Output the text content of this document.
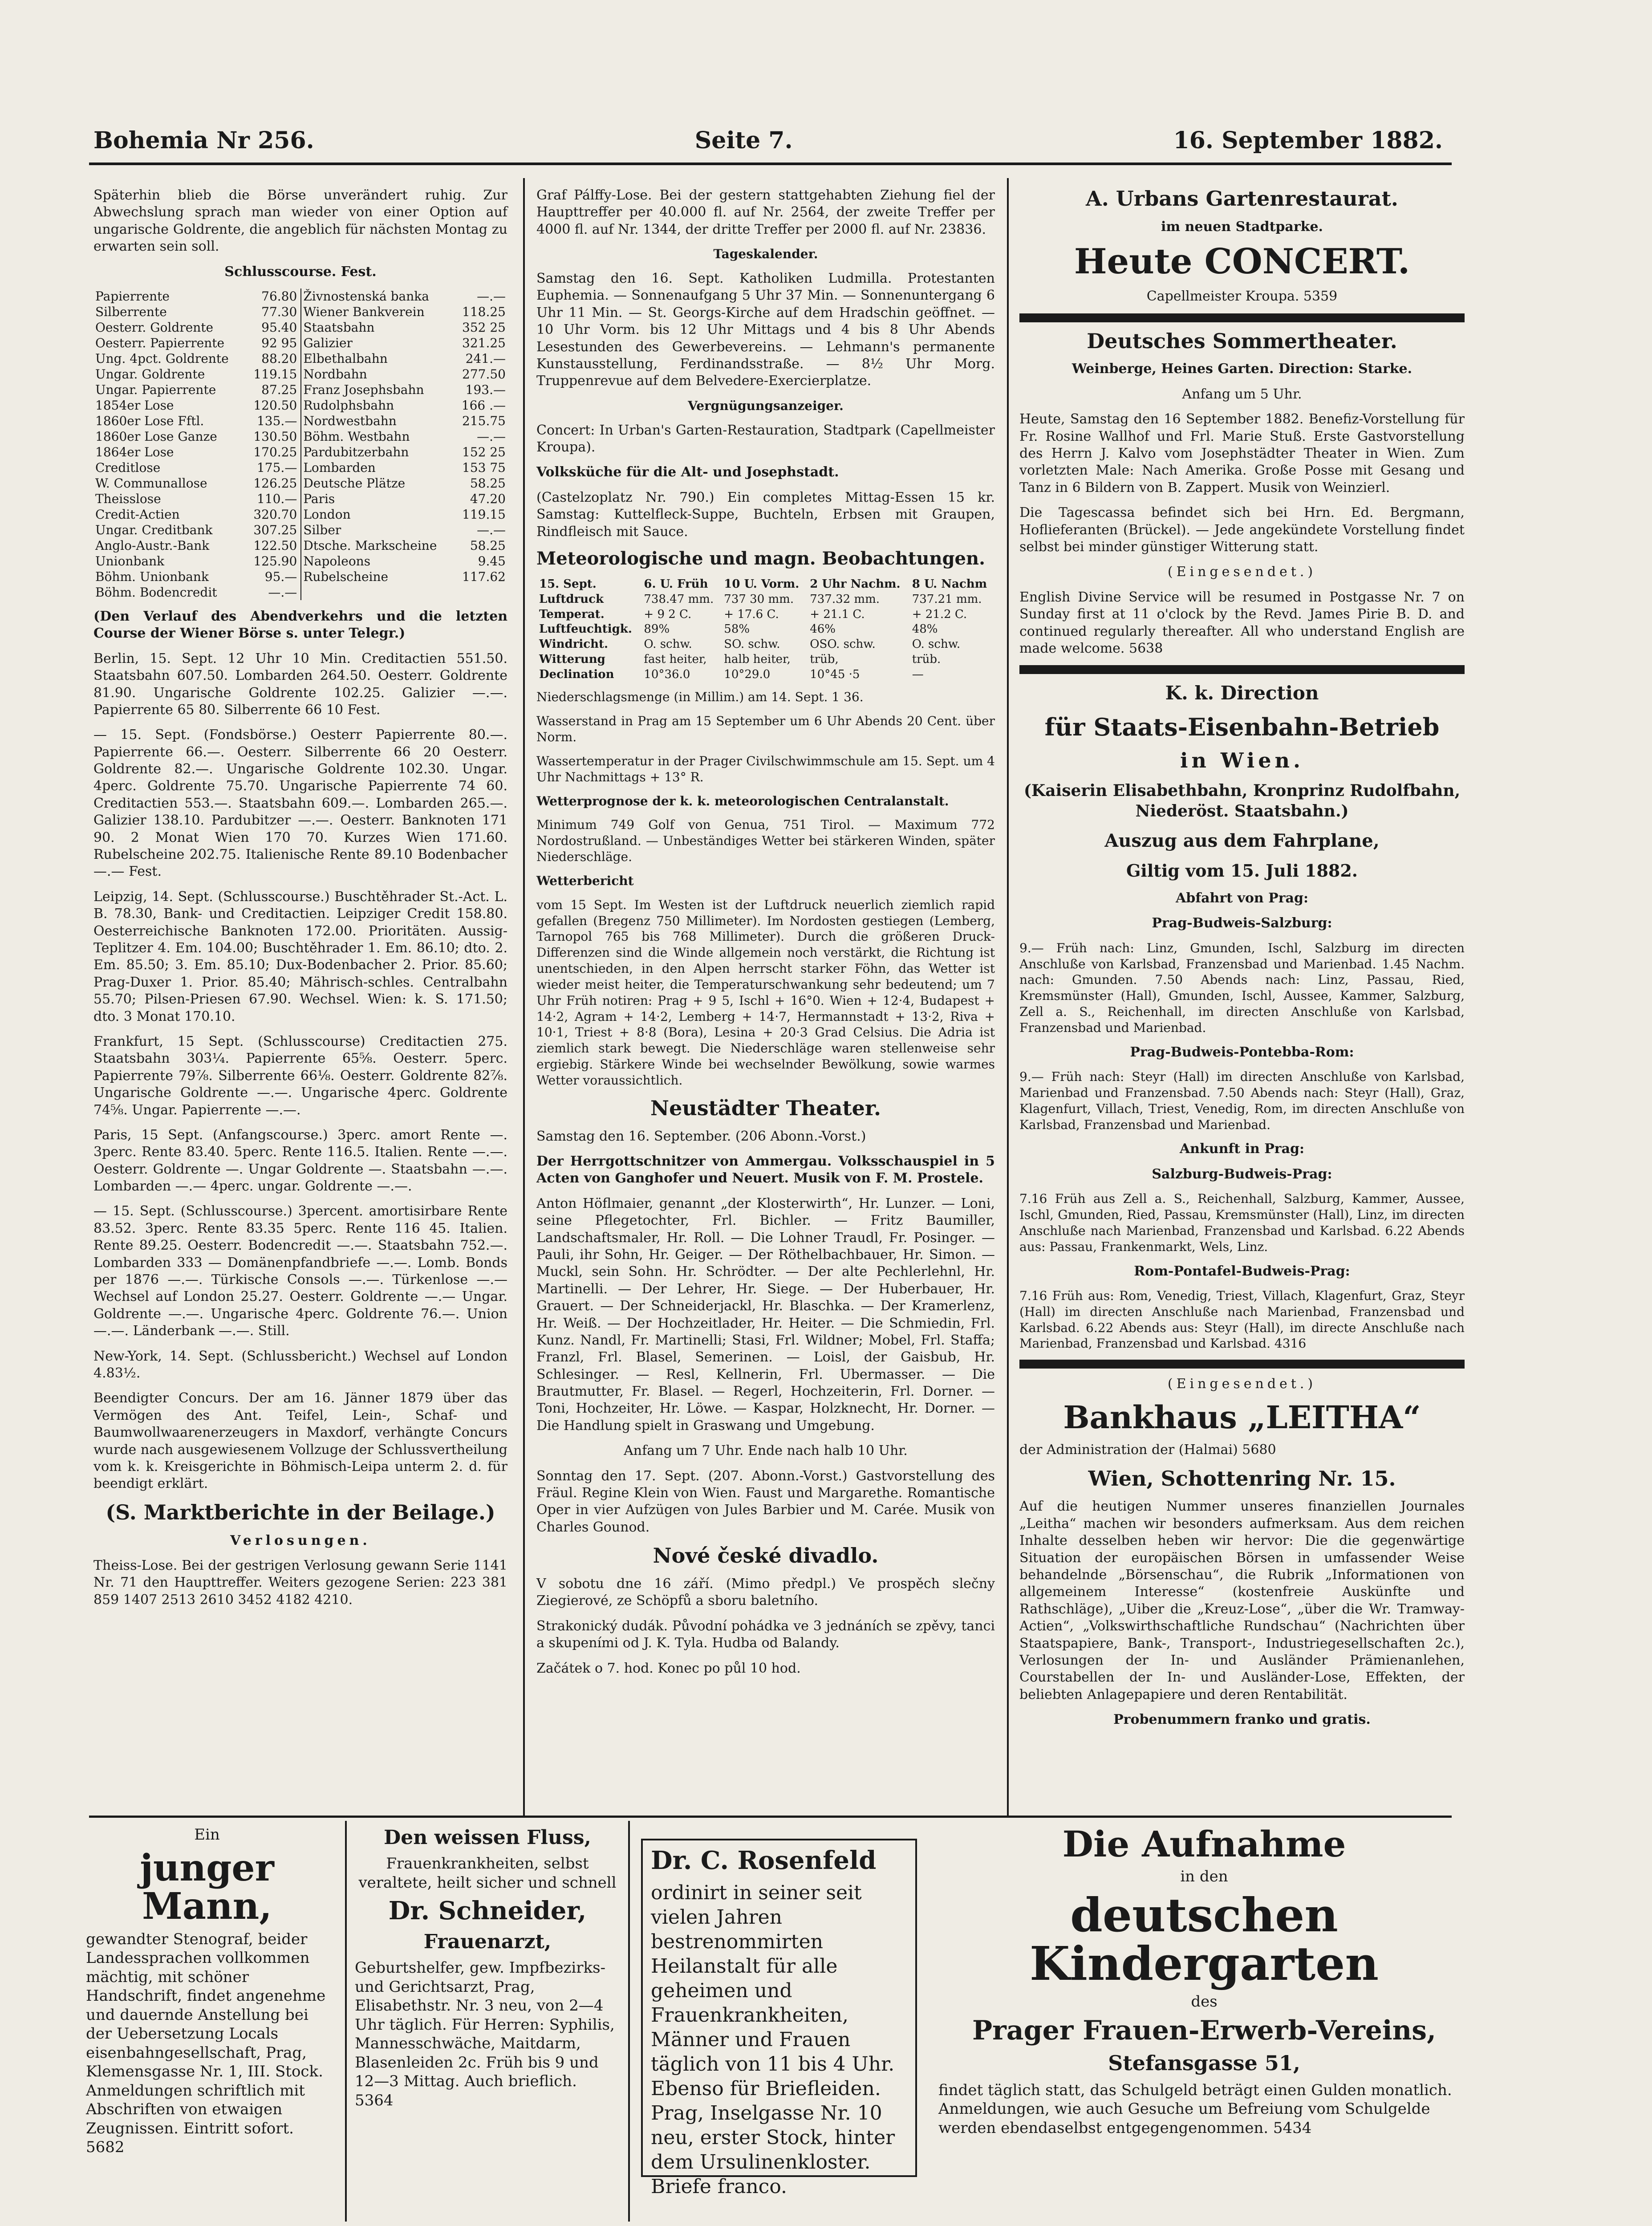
Bohemia Nr 256.	Seite 7.	16. September 1882.

Späterhin blieb die Börse unverändert ruhig. Zur Abwechslung sprach man wieder von einer Option auf ungarische Goldrente, die angeblich für nächsten Montag zu erwarten sein soll.

Schlusscourse. Fest.

Papierrente	76.80	Živnostenská banka	—.—
Silberrente	77.30	Wiener Bankverein	118.25
Oesterr. Goldrente	95.40	Staatsbahn	352 25
Oesterr. Papierrente	92 95	Galizier	321.25
Ung. 4pct. Goldrente	88.20	Elbethalbahn	241.—
Ungar. Goldrente	119.15	Nordbahn	277.50
Ungar. Papierrente	87.25	Franz Josephsbahn	193.—
1854er Lose	120.50	Rudolphsbahn	166 .—
1860er Lose Fftl.	135.—	Nordwestbahn	215.75
1860er Lose Ganze	130.50	Böhm. Westbahn	—.—
1864er Lose	170.25	Pardubitzerbahn	152 25
Creditlose	175.—	Lombarden	153 75
W. Communallose	126.25	Deutsche Plätze	58.25
Theisslose	110.—	Paris	47.20
Credit-Actien	320.70	London	119.15
Ungar. Creditbank	307.25	Silber	—.—
Anglo-Austr.-Bank	122.50	Dtsche. Markscheine	58.25
Unionbank	125.90	Napoleons	9.45
Böhm. Unionbank	95.—	Rubelscheine	117.62
Böhm. Bodencredit	—.—		

(Den Verlauf des Abendverkehrs und die letzten Course der Wiener Börse s. unter Telegr.)

Berlin, 15. Sept. 12 Uhr 10 Min. Creditactien 551.50. Staatsbahn 607.50. Lombarden 264.50. Oesterr. Goldrente 81.90. Ungarische Goldrente 102.25. Galizier —.—. Papierrente 65 80. Silberrente 66 10 Fest.

— 15. Sept. (Fondsbörse.) Oesterr Papierrente 80.—. Papierrente 66.—. Oesterr. Silberrente 66 20 Oesterr. Goldrente 82.—. Ungarische Goldrente 102.30. Ungar. 4perc. Goldrente 75.70. Ungarische Papierrente 74 60. Creditactien 553.—. Staatsbahn 609.—. Lombarden 265.—. Galizier 138.10. Pardubitzer —.—. Oesterr. Banknoten 171 90. 2 Monat Wien 170 70. Kurzes Wien 171.60. Rubelscheine 202.75. Italienische Rente 89.10 Bodenbacher —.— Fest.

Leipzig, 14. Sept. (Schlusscourse.) Buschtěhrader St.-Act. L. B. 78.30, Bank- und Creditactien. Leipziger Credit 158.80. Oesterreichische Banknoten 172.00. Prioritäten. Aussig-Teplitzer 4. Em. 104.00; Buschtěhrader 1. Em. 86.10; dto. 2. Em. 85.50; 3. Em. 85.10; Dux-Bodenbacher 2. Prior. 85.60; Prag-Duxer 1. Prior. 85.40; Mährisch-schles. Centralbahn 55.70; Pilsen-Priesen 67.90. Wechsel. Wien: k. S. 171.50; dto. 3 Monat 170.10.

Frankfurt, 15 Sept. (Schlusscourse) Creditactien 275. Staatsbahn 303¼. Papierrente 65⅝. Oesterr. 5perc. Papierrente 79⅞. Silberrente 66⅛. Oesterr. Goldrente 82⅞. Ungarische Goldrente —.—. Ungarische 4perc. Goldrente 74⅝. Ungar. Papierrente —.—.

Paris, 15 Sept. (Anfangscourse.) 3perc. amort Rente —. 3perc. Rente 83.40. 5perc. Rente 116.5. Italien. Rente —.—. Oesterr. Goldrente —. Ungar Goldrente —. Staatsbahn —.—. Lombarden —.— 4perc. ungar. Goldrente —.—.

— 15. Sept. (Schlusscourse.) 3percent. amortisirbare Rente 83.52. 3perc. Rente 83.35 5perc. Rente 116 45. Italien. Rente 89.25. Oesterr. Bodencredit —.—. Staatsbahn 752.—. Lombarden 333 — Domänenpfandbriefe —.—. Lomb. Bonds per 1876 —.—. Türkische Consols —.—. Türkenlose —.— Wechsel auf London 25.27. Oesterr. Goldrente —.— Ungar. Goldrente —.—. Ungarische 4perc. Goldrente 76.—. Union —.—. Länderbank —.—. Still.

New-York, 14. Sept. (Schlussbericht.) Wechsel auf London 4.83½.

Beendigter Concurs. Der am 16. Jänner 1879 über das Vermögen des Ant. Teifel, Lein-, Schaf- und Baumwollwaarenerzeugers in Maxdorf, verhängte Concurs wurde nach ausgewiesenem Vollzuge der Schlussvertheilung vom k. k. Kreisgerichte in Böhmisch-Leipa unterm 2. d. für beendigt erklärt.

(S. Marktberichte in der Beilage.)

Verlosungen.

Theiss-Lose. Bei der gestrigen Verlosung gewann Serie 1141 Nr. 71 den Haupttreffer. Weiters gezogene Serien: 223 381 859 1407 2513 2610 3452 4182 4210.

Graf Pálffy-Lose. Bei der gestern stattgehabten Ziehung fiel der Haupttreffer per 40.000 fl. auf Nr. 2564, der zweite Treffer per 4000 fl. auf Nr. 1344, der dritte Treffer per 2000 fl. auf Nr. 23836.

Tageskalender.

Samstag den 16. Sept. Katholiken Ludmilla. Protestanten Euphemia. — Sonnenaufgang 5 Uhr 37 Min. — Sonnenuntergang 6 Uhr 11 Min. — St. Georgs-Kirche auf dem Hradschin geöffnet. — 10 Uhr Vorm. bis 12 Uhr Mittags und 4 bis 8 Uhr Abends Lesestunden des Gewerbevereins. — Lehmann's permanente Kunstausstellung, Ferdinandsstraße. — 8½ Uhr Morg. Truppenrevue auf dem Belvedere-Exercierplatze.

Vergnügungsanzeiger.

Concert: In Urban's Garten-Restauration, Stadtpark (Capellmeister Kroupa).

Volksküche für die Alt- und Josephstadt.

(Castelzoplatz Nr. 790.) Ein completes Mittag-Essen 15 kr. Samstag: Kuttelfleck-Suppe, Buchteln, Erbsen mit Graupen, Rindfleisch mit Sauce.

Meteorologische und magn. Beobachtungen.

15. Sept.	6. U. Früh	10 U. Vorm.	2 Uhr Nachm.	8 U. Nachm
Luftdruck	738.47 mm.	737 30 mm.	737.32 mm.	737.21 mm.
Temperat.	+ 9 2 C.	+ 17.6 C.	+ 21.1 C.	+ 21.2 C.
Luftfeuchtigk.	89%	58%	46%	48%
Windricht.	O. schw.	SO. schw.	OSO. schw.	O. schw.
Witterung	fast heiter,	halb heiter,	trüb,	trüb.
Declination	10°36.0	10°29.0	10°45 ·5	—

Niederschlagsmenge (in Millim.) am 14. Sept. 1 36.

Wasserstand in Prag am 15 September um 6 Uhr Abends 20 Cent. über Norm.

Wassertemperatur in der Prager Civilschwimmschule am 15. Sept. um 4 Uhr Nachmittags + 13° R.

Wetterprognose der k. k. meteorologischen Centralanstalt.

Minimum 749 Golf von Genua, 751 Tirol. — Maximum 772 Nordostrußland. — Unbeständiges Wetter bei stärkeren Winden, später Niederschläge.

Wetterbericht

vom 15 Sept. Im Westen ist der Luftdruck neuerlich ziemlich rapid gefallen (Bregenz 750 Millimeter). Im Nordosten gestiegen (Lemberg, Tarnopol 765 bis 768 Millimeter). Durch die größeren Druck-Differenzen sind die Winde allgemein noch verstärkt, die Richtung ist unentschieden, in den Alpen herrscht starker Föhn, das Wetter ist wieder meist heiter, die Temperaturschwankung sehr bedeutend; um 7 Uhr Früh notiren: Prag + 9 5, Ischl + 16°0. Wien + 12·4, Budapest + 14·2, Agram + 14·2, Lemberg + 14·7, Hermannstadt + 13·2, Riva + 10·1, Triest + 8·8 (Bora), Lesina + 20·3 Grad Celsius. Die Adria ist ziemlich stark bewegt. Die Niederschläge waren stellenweise sehr ergiebig. Stärkere Winde bei wechselnder Bewölkung, sowie warmes Wetter voraussichtlich.

Neustädter Theater.

Samstag den 16. September. (206 Abonn.-Vorst.)

Der Herrgottschnitzer von Ammergau. Volksschauspiel in 5 Acten von Ganghofer und Neuert. Musik von F. M. Prostele.

Anton Höflmaier, genannt „der Klosterwirth“, Hr. Lunzer. — Loni, seine Pflegetochter, Frl. Bichler. — Fritz Baumiller, Landschaftsmaler, Hr. Roll. — Die Lohner Traudl, Fr. Posinger. — Pauli, ihr Sohn, Hr. Geiger. — Der Röthelbachbauer, Hr. Simon. — Muckl, sein Sohn. Hr. Schrödter. — Der alte Pechlerlehnl, Hr. Martinelli. — Der Lehrer, Hr. Siege. — Der Huberbauer, Hr. Grauert. — Der Schneiderjackl, Hr. Blaschka. — Der Kramerlenz, Hr. Weiß. — Der Hochzeitlader, Hr. Heiter. — Die Schmiedin, Frl. Kunz. Nandl, Fr. Martinelli; Stasi, Frl. Wildner; Mobel, Frl. Staffa; Franzl, Frl. Blasel, Semerinen. — Loisl, der Gaisbub, Hr. Schlesinger. — Resl, Kellnerin, Frl. Ubermasser. — Die Brautmutter, Fr. Blasel. — Regerl, Hochzeiterin, Frl. Dorner. — Toni, Hochzeiter, Hr. Löwe. — Kaspar, Holzknecht, Hr. Dorner. — Die Handlung spielt in Graswang und Umgebung.

Anfang um 7 Uhr. Ende nach halb 10 Uhr.

Sonntag den 17. Sept. (207. Abonn.-Vorst.) Gastvorstellung des Fräul. Regine Klein von Wien. Faust und Margarethe. Romantische Oper in vier Aufzügen von Jules Barbier und M. Carée. Musik von Charles Gounod.

Nové české divadlo.

V sobotu dne 16 září. (Mimo předpl.) Ve prospěch slečny Ziegierové, ze Schöpfů a sboru baletního.

Strakonický dudák. Původní pohádka ve 3 jednáních se zpěvy, tanci a skupeními od J. K. Tyla. Hudba od Balandy.

Začátek o 7. hod. Konec po půl 10 hod.

A. Urbans Gartenrestaurat.

im neuen Stadtparke.

Heute CONCERT.

Capellmeister Kroupa. 5359

Deutsches Sommertheater.

Weinberge, Heines Garten. Direction: Starke.

Anfang um 5 Uhr.

Heute, Samstag den 16 September 1882. Benefiz-Vorstellung für Fr. Rosine Wallhof und Frl. Marie Stuß. Erste Gastvorstellung des Herrn J. Kalvo vom Josephstädter Theater in Wien. Zum vorletzten Male: Nach Amerika. Große Posse mit Gesang und Tanz in 6 Bildern von B. Zappert. Musik von Weinzierl.

Die Tagescassa befindet sich bei Hrn. Ed. Bergmann, Hoflieferanten (Brückel). — Jede angekündete Vorstellung findet selbst bei minder günstiger Witterung statt.

(Eingesendet.)

English Divine Service will be resumed in Postgasse Nr. 7 on Sunday first at 11 o'clock by the Revd. James Pirie B. D. and continued regularly thereafter. All who understand English are made welcome. 5638

K. k. Direction

für Staats-Eisenbahn-Betrieb

in Wien.

(Kaiserin Elisabethbahn, Kronprinz Rudolfbahn, Niederöst. Staatsbahn.)

Auszug aus dem Fahrplane,

Giltig vom 15. Juli 1882.

Abfahrt von Prag:

Prag-Budweis-Salzburg:

9.— Früh nach: Linz, Gmunden, Ischl, Salzburg im directen Anschluße von Karlsbad, Franzensbad und Marienbad. 1.45 Nachm. nach: Gmunden. 7.50 Abends nach: Linz, Passau, Ried, Kremsmünster (Hall), Gmunden, Ischl, Aussee, Kammer, Salzburg, Zell a. S., Reichenhall, im directen Anschluße von Karlsbad, Franzensbad und Marienbad.

Prag-Budweis-Pontebba-Rom:

9.— Früh nach: Steyr (Hall) im directen Anschluße von Karlsbad, Marienbad und Franzensbad. 7.50 Abends nach: Steyr (Hall), Graz, Klagenfurt, Villach, Triest, Venedig, Rom, im directen Anschluße von Karlsbad, Franzensbad und Marienbad.

Ankunft in Prag:

Salzburg-Budweis-Prag:

7.16 Früh aus Zell a. S., Reichenhall, Salzburg, Kammer, Aussee, Ischl, Gmunden, Ried, Passau, Kremsmünster (Hall), Linz, im directen Anschluße nach Marienbad, Franzensbad und Karlsbad. 6.22 Abends aus: Passau, Frankenmarkt, Wels, Linz.

Rom-Pontafel-Budweis-Prag:

7.16 Früh aus: Rom, Venedig, Triest, Villach, Klagenfurt, Graz, Steyr (Hall) im directen Anschluße nach Marienbad, Franzensbad und Karlsbad. 6.22 Abends aus: Steyr (Hall), im directe Anschluße nach Marienbad, Franzensbad und Karlsbad. 4316

(Eingesendet.)

Bankhaus „LEITHA“

der Administration der (Halmai) 5680

Wien, Schottenring Nr. 15.

Auf die heutigen Nummer unseres finanziellen Journales „Leitha“ machen wir besonders aufmerksam. Aus dem reichen Inhalte desselben heben wir hervor: Die die gegenwärtige Situation der europäischen Börsen in umfassender Weise behandelnde „Börsenschau“, die Rubrik „Informationen von allgemeinem Interesse“ (kostenfreie Auskünfte und Rathschläge), „Uiber die „Kreuz-Lose“, „über die Wr. Tramway-Actien“, „Volkswirthschaftliche Rundschau“ (Nachrichten über Staatspapiere, Bank-, Transport-, Industriegesellschaften 2c.), Verlosungen der In- und Ausländer Prämienanlehen, Courstabellen der In- und Ausländer-Lose, Effekten, der beliebten Anlagepapiere und deren Rentabilität.

Probenummern franko und gratis.

Ein

junger Mann,

gewandter Stenograf, beider Landessprachen vollkommen mächtig, mit schöner Handschrift, findet angenehme und dauernde Anstellung bei der Uebersetzung Locals eisenbahngesellschaft, Prag, Klemensgasse Nr. 1, III. Stock. Anmeldungen schriftlich mit Abschriften von etwaigen Zeugnissen. Eintritt sofort. 5682

Den weissen Fluss,

Frauenkrankheiten, selbst veraltete, heilt sicher und schnell

Dr. Schneider,

Frauenarzt,

Geburtshelfer, gew. Impfbezirks- und Gerichtsarzt, Prag, Elisabethstr. Nr. 3 neu, von 2—4 Uhr täglich. Für Herren: Syphilis, Mannesschwäche, Maitdarm, Blasenleiden 2c. Früh bis 9 und 12—3 Mittag. Auch brieflich. 5364

Dr. C. Rosenfeld

ordinirt in seiner seit vielen Jahren bestrenommirten Heilanstalt für alle geheimen und Frauenkrankheiten, Männer und Frauen täglich von 11 bis 4 Uhr. Ebenso für Briefleiden. Prag, Inselgasse Nr. 10 neu, erster Stock, hinter dem Ursulinenkloster. Briefe franco.

Die Aufnahme

in den

deutschen Kindergarten

des

Prager Frauen-Erwerb-Vereins,

Stefansgasse 51,

findet täglich statt, das Schulgeld beträgt einen Gulden monatlich. Anmeldungen, wie auch Gesuche um Befreiung vom Schulgelde werden ebendaselbst entgegengenommen. 5434
